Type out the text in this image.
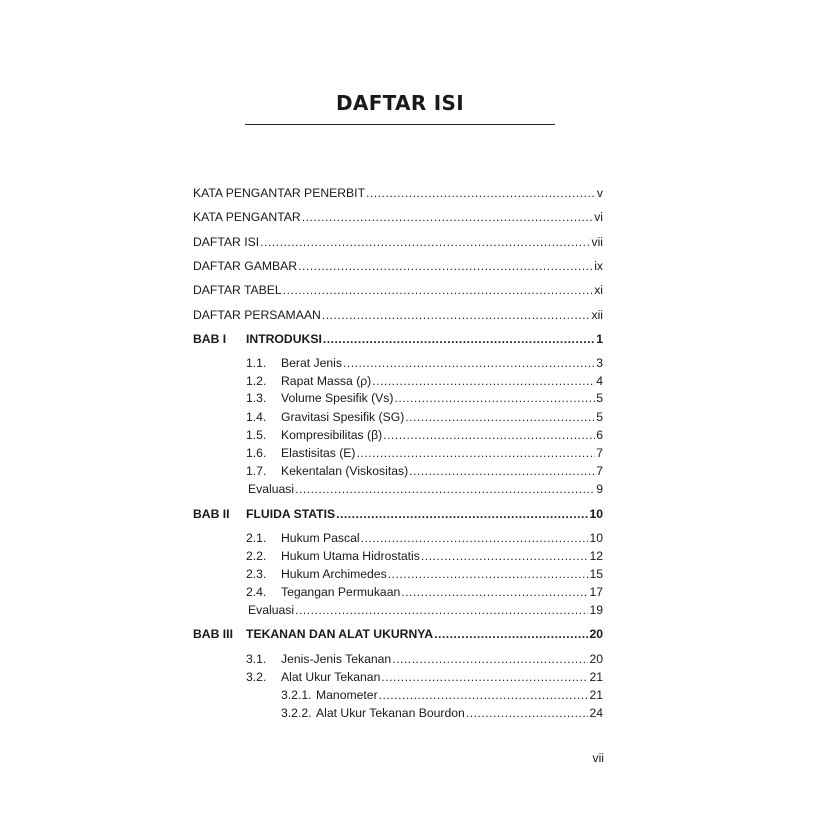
DAFTAR ISI
KATA PENGANTAR PENERBIT .....	v
KATA PENGANTAR .....	vi
DAFTAR ISI .....	vii
DAFTAR GAMBAR .....	ix
DAFTAR TABEL .....	xi
DAFTAR PERSAMAAN .....	xii
BAB I INTRODUKSI .....	1
1.1.	Berat Jenis .....	3
1.2.	Rapat Massa (ρ) .....	4
1.3.	Volume Spesifik (Vs) .....	5
1.4.	Gravitasi Spesifik (SG) .....	5
1.5.	Kompresibilitas (β) .....	6
1.6.	Elastisitas (E) .....	7
1.7.	Kekentalan (Viskositas) .....	7
Evaluasi .....	9
BAB II FLUIDA STATIS .....	10
2.1.	Hukum Pascal .....	10
2.2.	Hukum Utama Hidrostatis .....	12
2.3.	Hukum Archimedes .....	15
2.4.	Tegangan Permukaan .....	17
Evaluasi .....	19
BAB III TEKANAN DAN ALAT UKURNYA .....	20
3.1.	Jenis-Jenis Tekanan .....	20
3.2.	Alat Ukur Tekanan .....	21
3.2.1. Manometer .....	21
3.2.2. Alat Ukur Tekanan Bourdon .....	24
vii
